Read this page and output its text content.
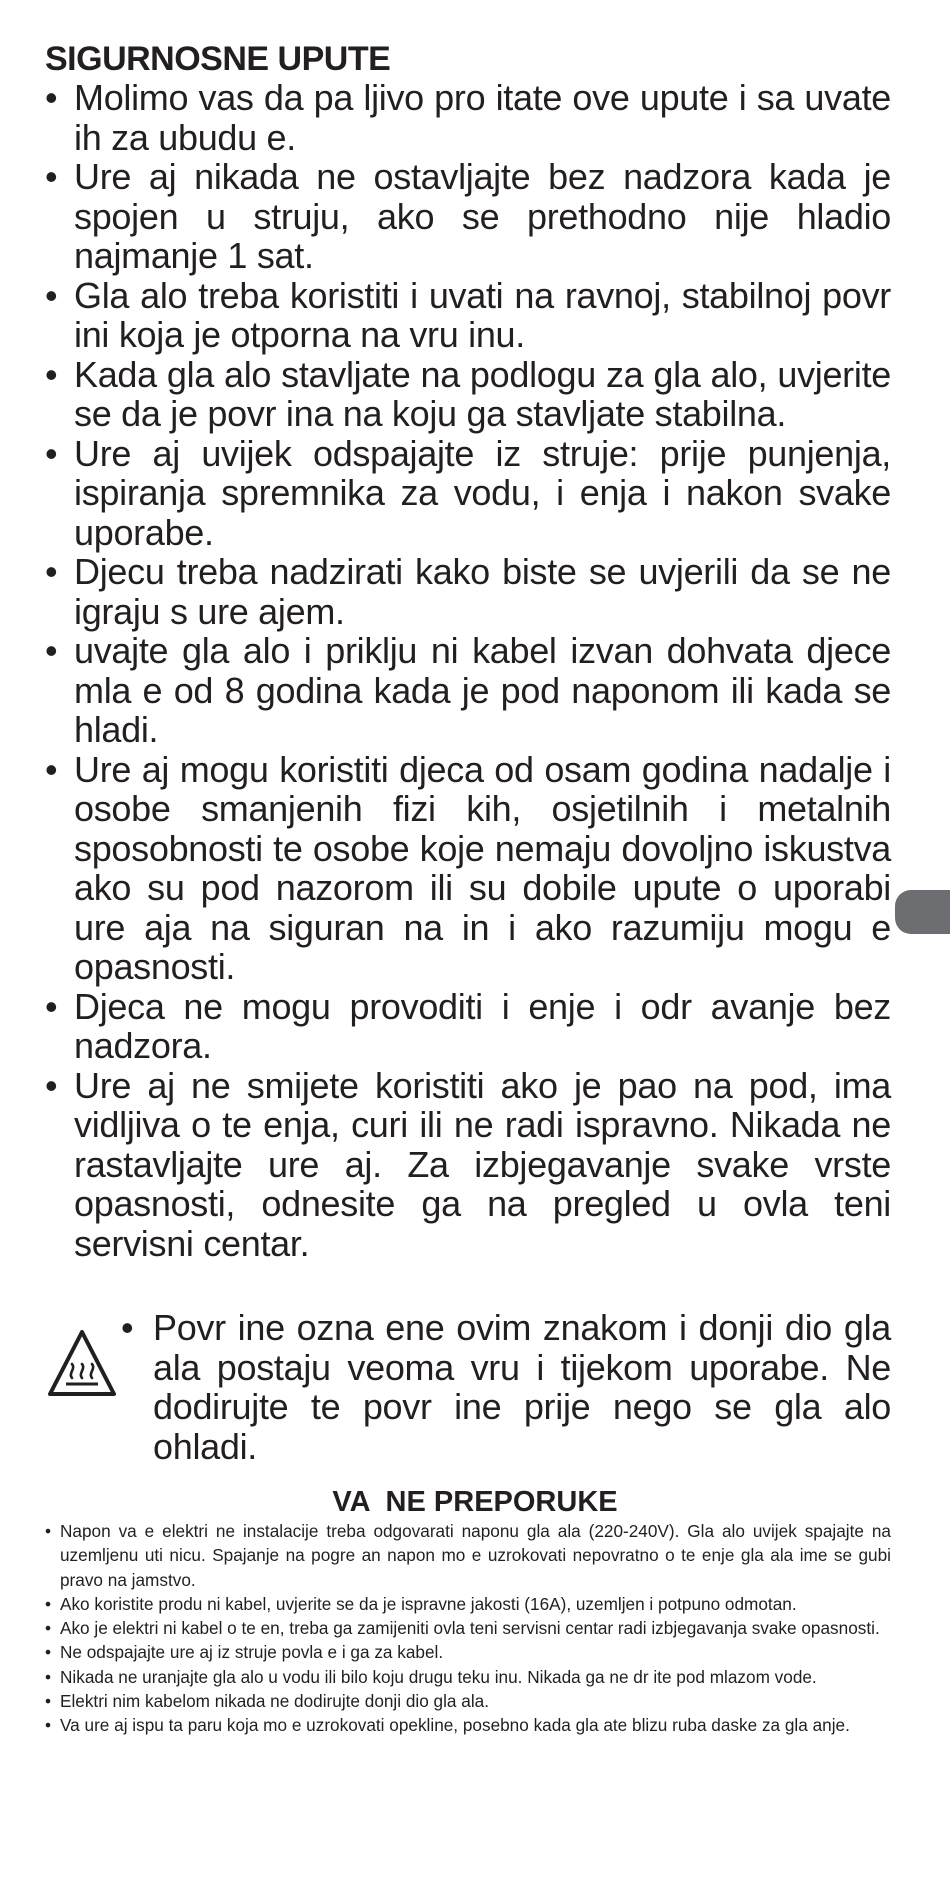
SIGURNOSNE UPUTE
• Molimo vas da pa ljivo pro itate ove upute i sa uvate ih za ubudu e.
• Ure aj nikada ne ostavljajte bez nadzora kada je spojen u struju, ako se prethodno nije hladio najmanje 1 sat.
• Gla alo treba koristiti i uvati na ravnoj, stabilnoj povr ini koja je otporna na vru inu.
• Kada gla alo stavljate na podlogu za gla alo, uvjerite se da je povr ina na koju ga stavljate stabilna.
• Ure aj uvijek odspajajte iz struje: prije punjenja, ispiranja spremnika za vodu, i enja i nakon svake uporabe.
• Djecu treba nadzirati kako biste se uvjerili da se ne igraju s ure ajem.
• uvajte gla alo i priklju ni kabel izvan dohvata djece mla e od 8 godina kada je pod naponom ili kada se hladi.
• Ure aj mogu koristiti djeca od osam godina nadalje i osobe smanjenih fizi kih, osjetilnih i metalnih sposobnosti te osobe koje nemaju dovoljno iskustva ako su pod nazorom ili su dobile upute o uporabi ure aja na siguran na in i ako razumiju mogu e opasnosti.
• Djeca ne mogu provoditi i enje i odr avanje bez nadzora.
• Ure aj ne smijete koristiti ako je pao na pod, ima vidljiva o te enja, curi ili ne radi ispravno. Nikada ne rastavljajte ure aj. Za izbjegavanje svake vrste opasnosti, odnesite ga na pregled u ovla teni servisni centar.
• Povr ine ozna ene ovim znakom i donji dio gla ala postaju veoma vru i tijekom uporabe. Ne dodirujte te povr ine prije nego se gla alo ohladi.
VA  NE PREPORUKE
• Napon va e elektri ne instalacije treba odgovarati naponu gla ala (220-240V). Gla alo uvijek spajajte na uzemljenu uti nicu. Spajanje na pogre an napon mo e uzrokovati nepovratno o te enje gla ala ime se gubi pravo na jamstvo.
• Ako koristite produ ni kabel, uvjerite se da je ispravne jakosti (16A), uzemljen i potpuno odmotan.
• Ako je elektri ni kabel o te en, treba ga zamijeniti ovla teni servisni centar radi izbjegavanja svake opasnosti.
• Ne odspajajte ure aj iz struje povla e i ga za kabel.
• Nikada ne uranjajte gla alo u vodu ili bilo koju drugu teku inu. Nikada ga ne dr ite pod mlazom vode.
• Elektri nim kabelom nikada ne dodirujte donji dio gla ala.
• Va ure aj ispu ta paru koja mo e uzrokovati opekline, posebno kada gla ate blizu ruba daske za gla anje.
